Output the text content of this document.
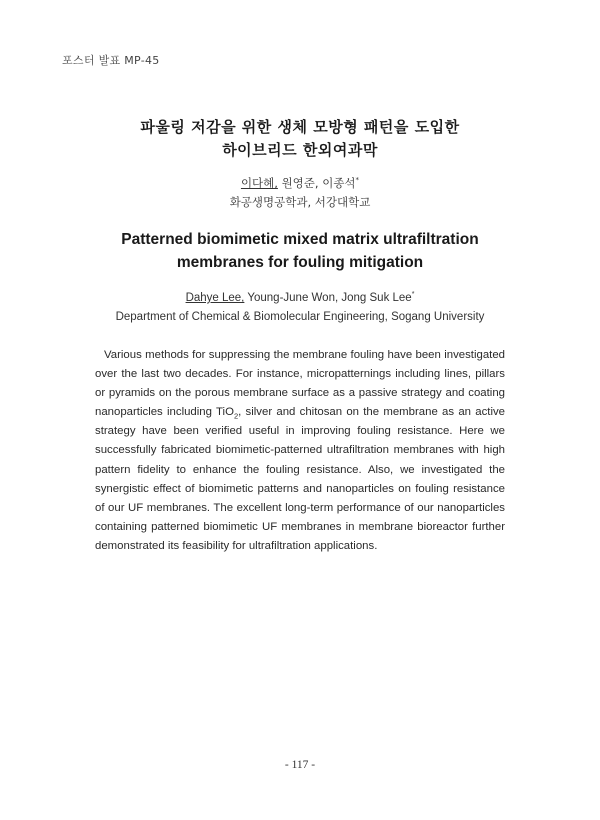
포스터 발표 MP-45
파울링 저감을 위한 생체 모방형 패턴을 도입한
하이브리드 한외여과막
이다혜, 원영준, 이종석*
화공생명공학과, 서강대학교
Patterned biomimetic mixed matrix ultrafiltration
membranes for fouling mitigation
Dahye Lee, Young-June Won, Jong Suk Lee*
Department of Chemical & Biomolecular Engineering, Sogang University

Various methods for suppressing the membrane fouling have been investigated over the last two decades. For instance, micropatternings including lines, pillars or pyramids on the porous membrane surface as a passive strategy and coating nanoparticles including TiO$_2$, silver and chitosan on the membrane as an active strategy have been verified useful in improving fouling resistance. Here we successfully fabricated biomimetic-patterned ultrafiltration membranes with high pattern fidelity to enhance the fouling resistance. Also, we investigated the synergistic effect of biomimetic patterns and nanoparticles on fouling resistance of our UF membranes. The excellent long-term performance of our nanoparticles containing patterned biomimetic UF membranes in membrane bioreactor further demonstrated its feasibility for ultrafiltration applications.

- 117 -
